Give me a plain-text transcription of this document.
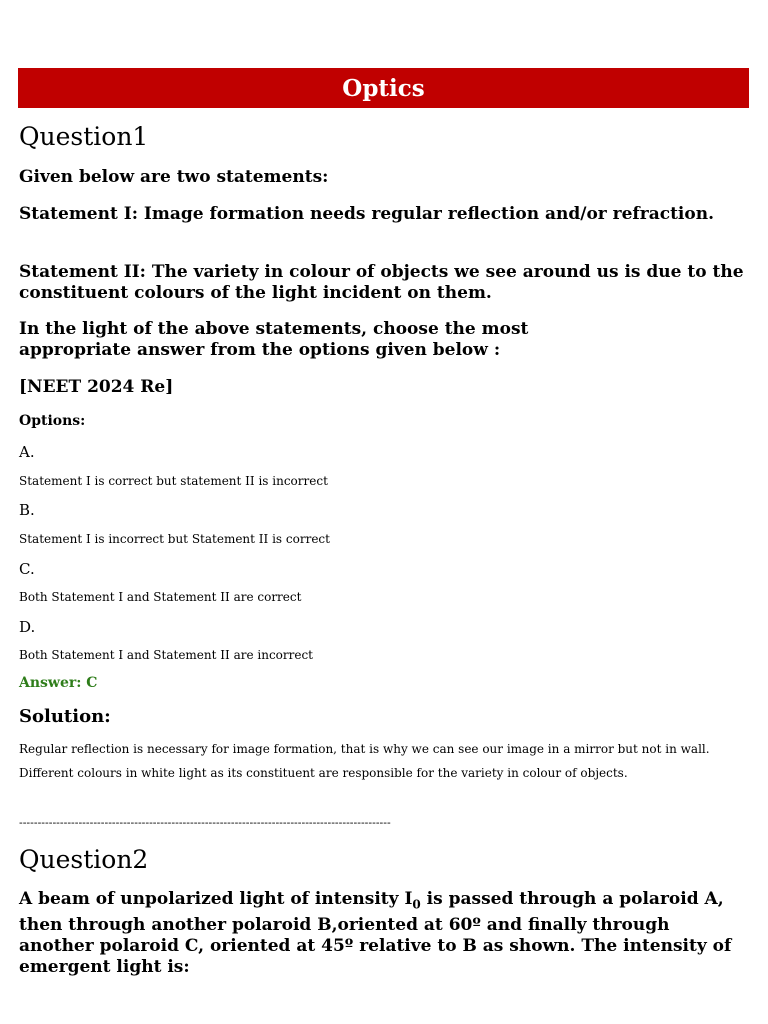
Optics
Question1

Given below are two statements:

Statement I: Image formation needs regular reflection and/or refraction.

Statement II: The variety in colour of objects we see around us is due to the constituent colours of the light incident on them.

In the light of the above statements, choose the most appropriate answer from the options given below :

[NEET 2024 Re]

Options:

A.

Statement I is correct but statement II is incorrect

B.

Statement I is incorrect but Statement II is correct

C.

Both Statement I and Statement II are correct

D.

Both Statement I and Statement II are incorrect

Answer: C

Solution:

Regular reflection is necessary for image formation, that is why we can see our image in a mirror but not in wall.

Different colours in white light as its constituent are responsible for the variety in colour of objects.

----------------------------------------------------------------------------------------------------

Question2

A beam of unpolarized light of intensity $I_0$ is passed through a polaroid A, then through another polaroid B,oriented at 60º and finally through another polaroid C, oriented at 45º relative to B as shown. The intensity of emergent light is:
